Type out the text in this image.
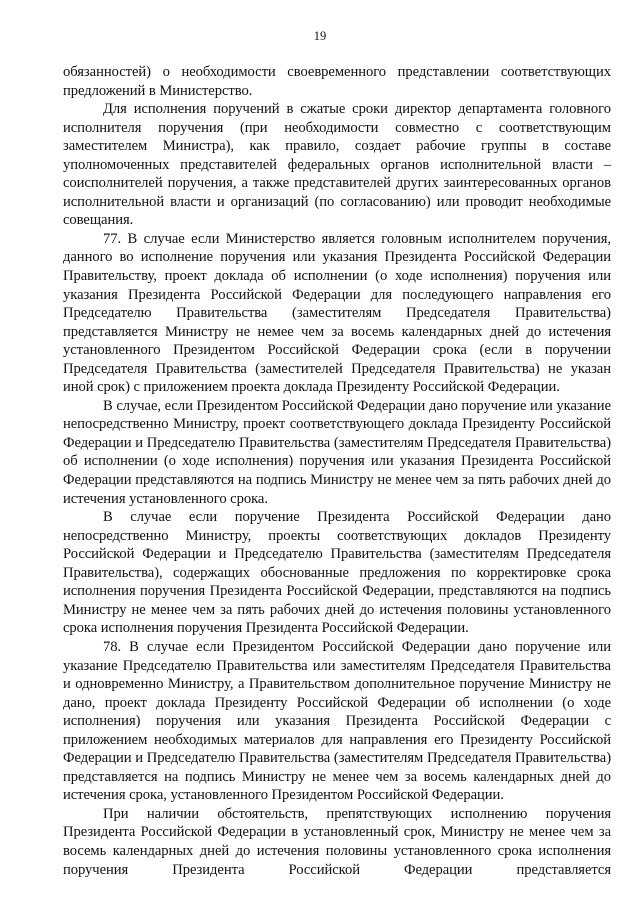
19

обязанностей) о необходимости своевременного представлении соответствующих предложений в Министерство.

Для исполнения поручений в сжатые сроки директор департамента головного исполнителя поручения (при необходимости совместно с соответствующим заместителем Министра), как правило, создает рабочие группы в составе уполномоченных представителей федеральных органов исполнительной власти – соисполнителей поручения, а также представителей других заинтересованных органов исполнительной власти и организаций (по согласованию) или проводит необходимые совещания.

77. В случае если Министерство является головным исполнителем поручения, данного во исполнение поручения или указания Президента Российской Федерации Правительству, проект доклада об исполнении (о ходе исполнения) поручения или указания Президента Российской Федерации для последующего направления его Председателю Правительства (заместителям Председателя Правительства) представляется Министру не немее чем за восемь календарных дней до истечения установленного Президентом Российской Федерации срока (если в поручении Председателя Правительства (заместителей Председателя Правительства) не указан иной срок) с приложением проекта доклада Президенту Российской Федерации.

В случае, если Президентом Российской Федерации дано поручение или указание непосредственно Министру, проект соответствующего доклада Президенту Российской Федерации и Председателю Правительства (заместителям Председателя Правительства) об исполнении (о ходе исполнения) поручения или указания Президента Российской Федерации представляются на подпись Министру не менее чем за пять рабочих дней до истечения установленного срока.

В случае если поручение Президента Российской Федерации дано непосредственно Министру, проекты соответствующих докладов Президенту Российской Федерации и Председателю Правительства (заместителям Председателя Правительства), содержащих обоснованные предложения по корректировке срока исполнения поручения Президента Российской Федерации, представляются на подпись Министру не менее чем за пять рабочих дней до истечения половины установленного срока исполнения поручения Президента Российской Федерации.

78. В случае если Президентом Российской Федерации дано поручение или указание Председателю Правительства или заместителям Председателя Правительства и одновременно Министру, а Правительством дополнительное поручение Министру не дано, проект доклада Президенту Российской Федерации об исполнении (о ходе исполнения) поручения или указания Президента Российской Федерации с приложением необходимых материалов для направления его Президенту Российской Федерации и Председателю Правительства (заместителям Председателя Правительства) представляется на подпись Министру не менее чем за восемь календарных дней до истечения срока, установленного Президентом Российской Федерации.

При наличии обстоятельств, препятствующих исполнению поручения Президента Российской Федерации в установленный срок, Министру не менее чем за восемь календарных дней до истечения половины установленного срока исполнения поручения Президента Российской Федерации представляется
